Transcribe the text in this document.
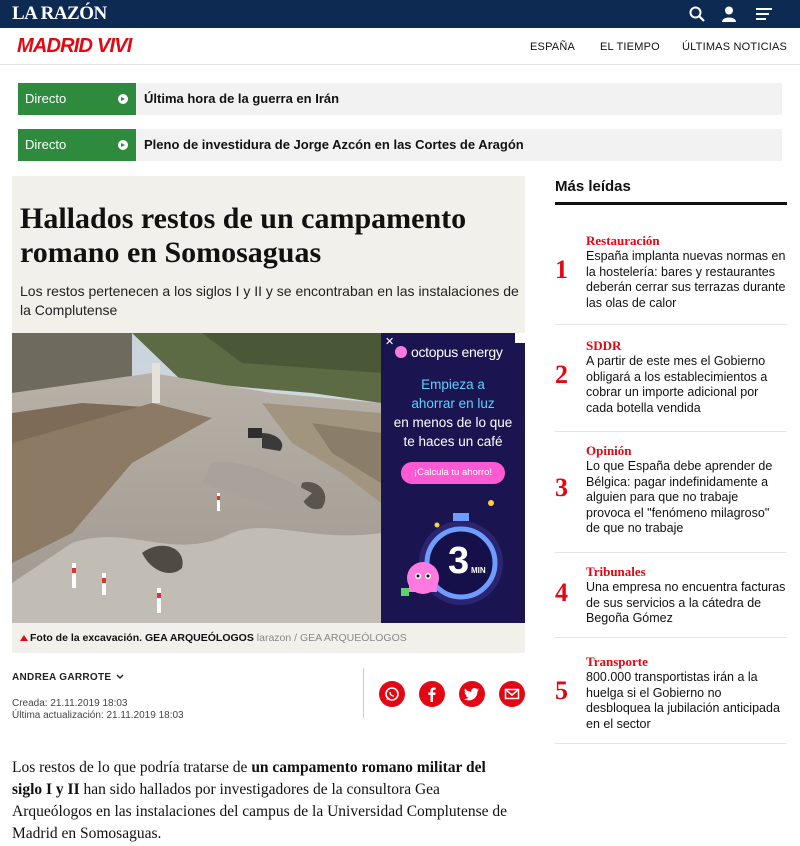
LA RAZÓN
MADRID VIVI	ESPAÑA EL TIEMPO ÚLTIMAS NOTICIAS
Directo	Última hora de la guerra en Irán
Directo	Pleno de investidura de Jorge Azcón en las Cortes de Aragón
Hallados restos de un campamento romano en Somosaguas

Los restos pertenecen a los siglos I y II y se encontraban en las instalaciones de la Complutense

✕
octopus energy
Empieza a
ahorrar en luz
en menos de lo que
te haces un café
¡Calcula tu ahorro!
3 MIN
Foto de la excavación. GEA ARQUEÓLOGOS larazon / GEA ARQUEÓLOGOS
ANDREA GARROTE
Creada: 21.11.2019 18:03
Última actualización: 21.11.2019 18:03

Los restos de lo que podría tratarse de un campamento romano militar del siglo I y II han sido hallados por investigadores de la consultora Gea Arqueólogos en las instalaciones del campus de la Universidad Complutense de Madrid en Somosaguas.

Más leídas
1
Restauración
España implanta nuevas normas en la hostelería: bares y restaurantes deberán cerrar sus terrazas durante las olas de calor
2
SDDR
A partir de este mes el Gobierno obligará a los establecimientos a cobrar un importe adicional por cada botella vendida
3
Opinión
Lo que España debe aprender de Bélgica: pagar indefinidamente a alguien para que no trabaje provoca el "fenómeno milagroso" de que no trabaje
4
Tribunales
Una empresa no encuentra facturas de sus servicios a la cátedra de Begoña Gómez
5
Transporte
800.000 transportistas irán a la huelga si el Gobierno no desbloquea la jubilación anticipada en el sector
